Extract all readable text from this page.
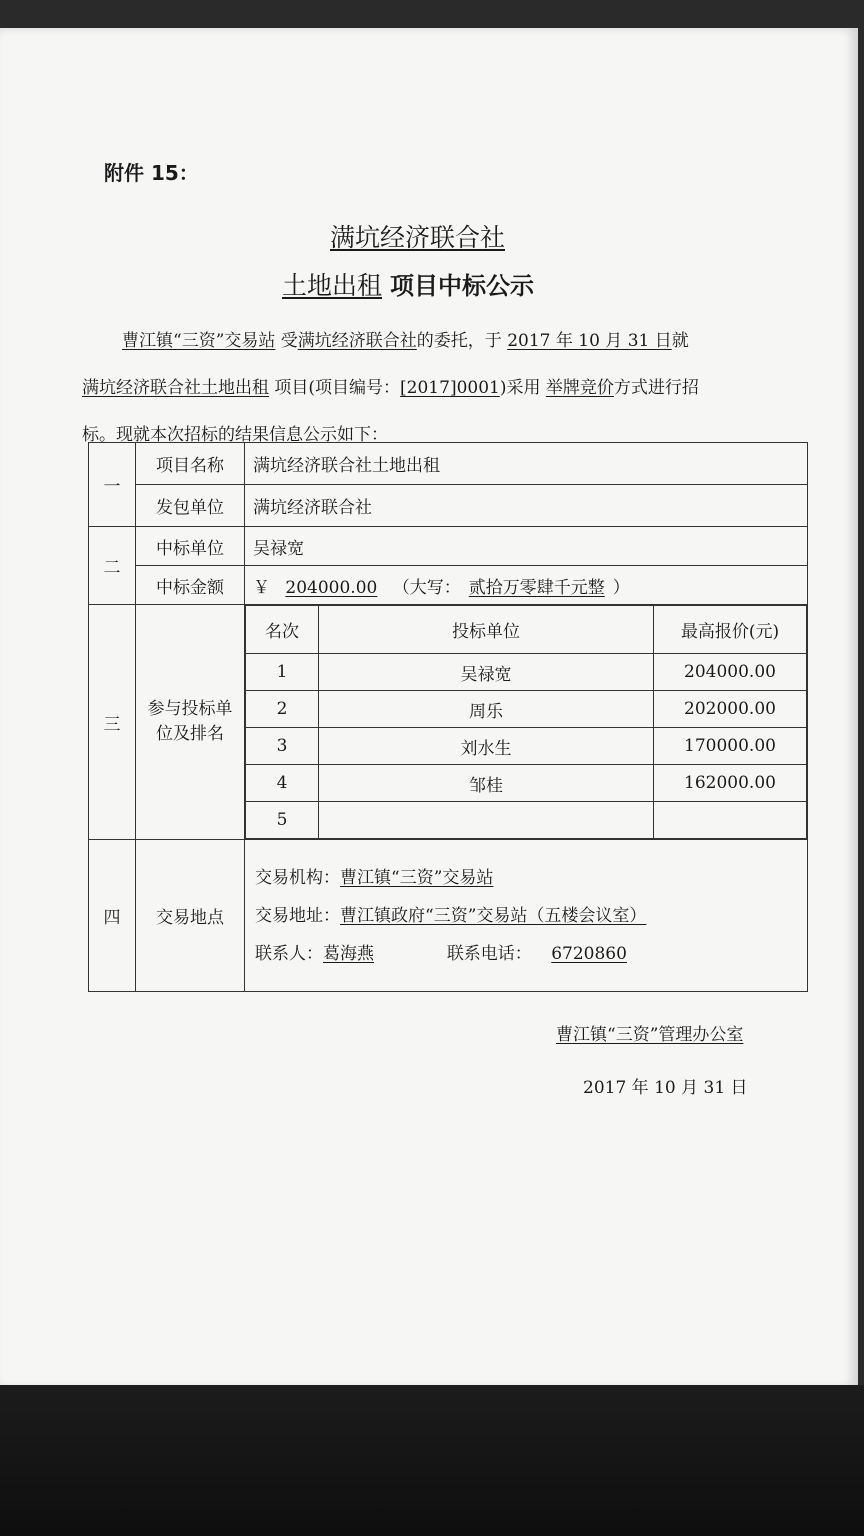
附件 15：
满坑经济联合社
土地出租 项目中标公示
曹江镇“三资”交易站 受满坑经济联合社的委托，于 2017 年 10 月 31 日就
满坑经济联合社土地出租 项目(项目编号：[2017]0001)采用 举牌竞价方式进行招
标。现就本次招标的结果信息公示如下：
一	项目名称	满坑经济联合社土地出租
发包单位	满坑经济联合社
二	中标单位	吴禄宽
中标金额	￥ 204000.00 （大写： 贰拾万零肆千元整 ）
三	参与投标单位及排名	
名次	投标单位	最高报价(元)
1	吴禄宽	204000.00
2	周乐	202000.00
3	刘水生	170000.00
4	邹桂	162000.00
5		

四	交易地点	
交易机构：曹江镇“三资”交易站
交易地址：曹江镇政府“三资”交易站（五楼会议室）
联系人：葛海燕	联系电话： 6720860
曹江镇“三资”管理办公室
2017 年 10 月 31 日
